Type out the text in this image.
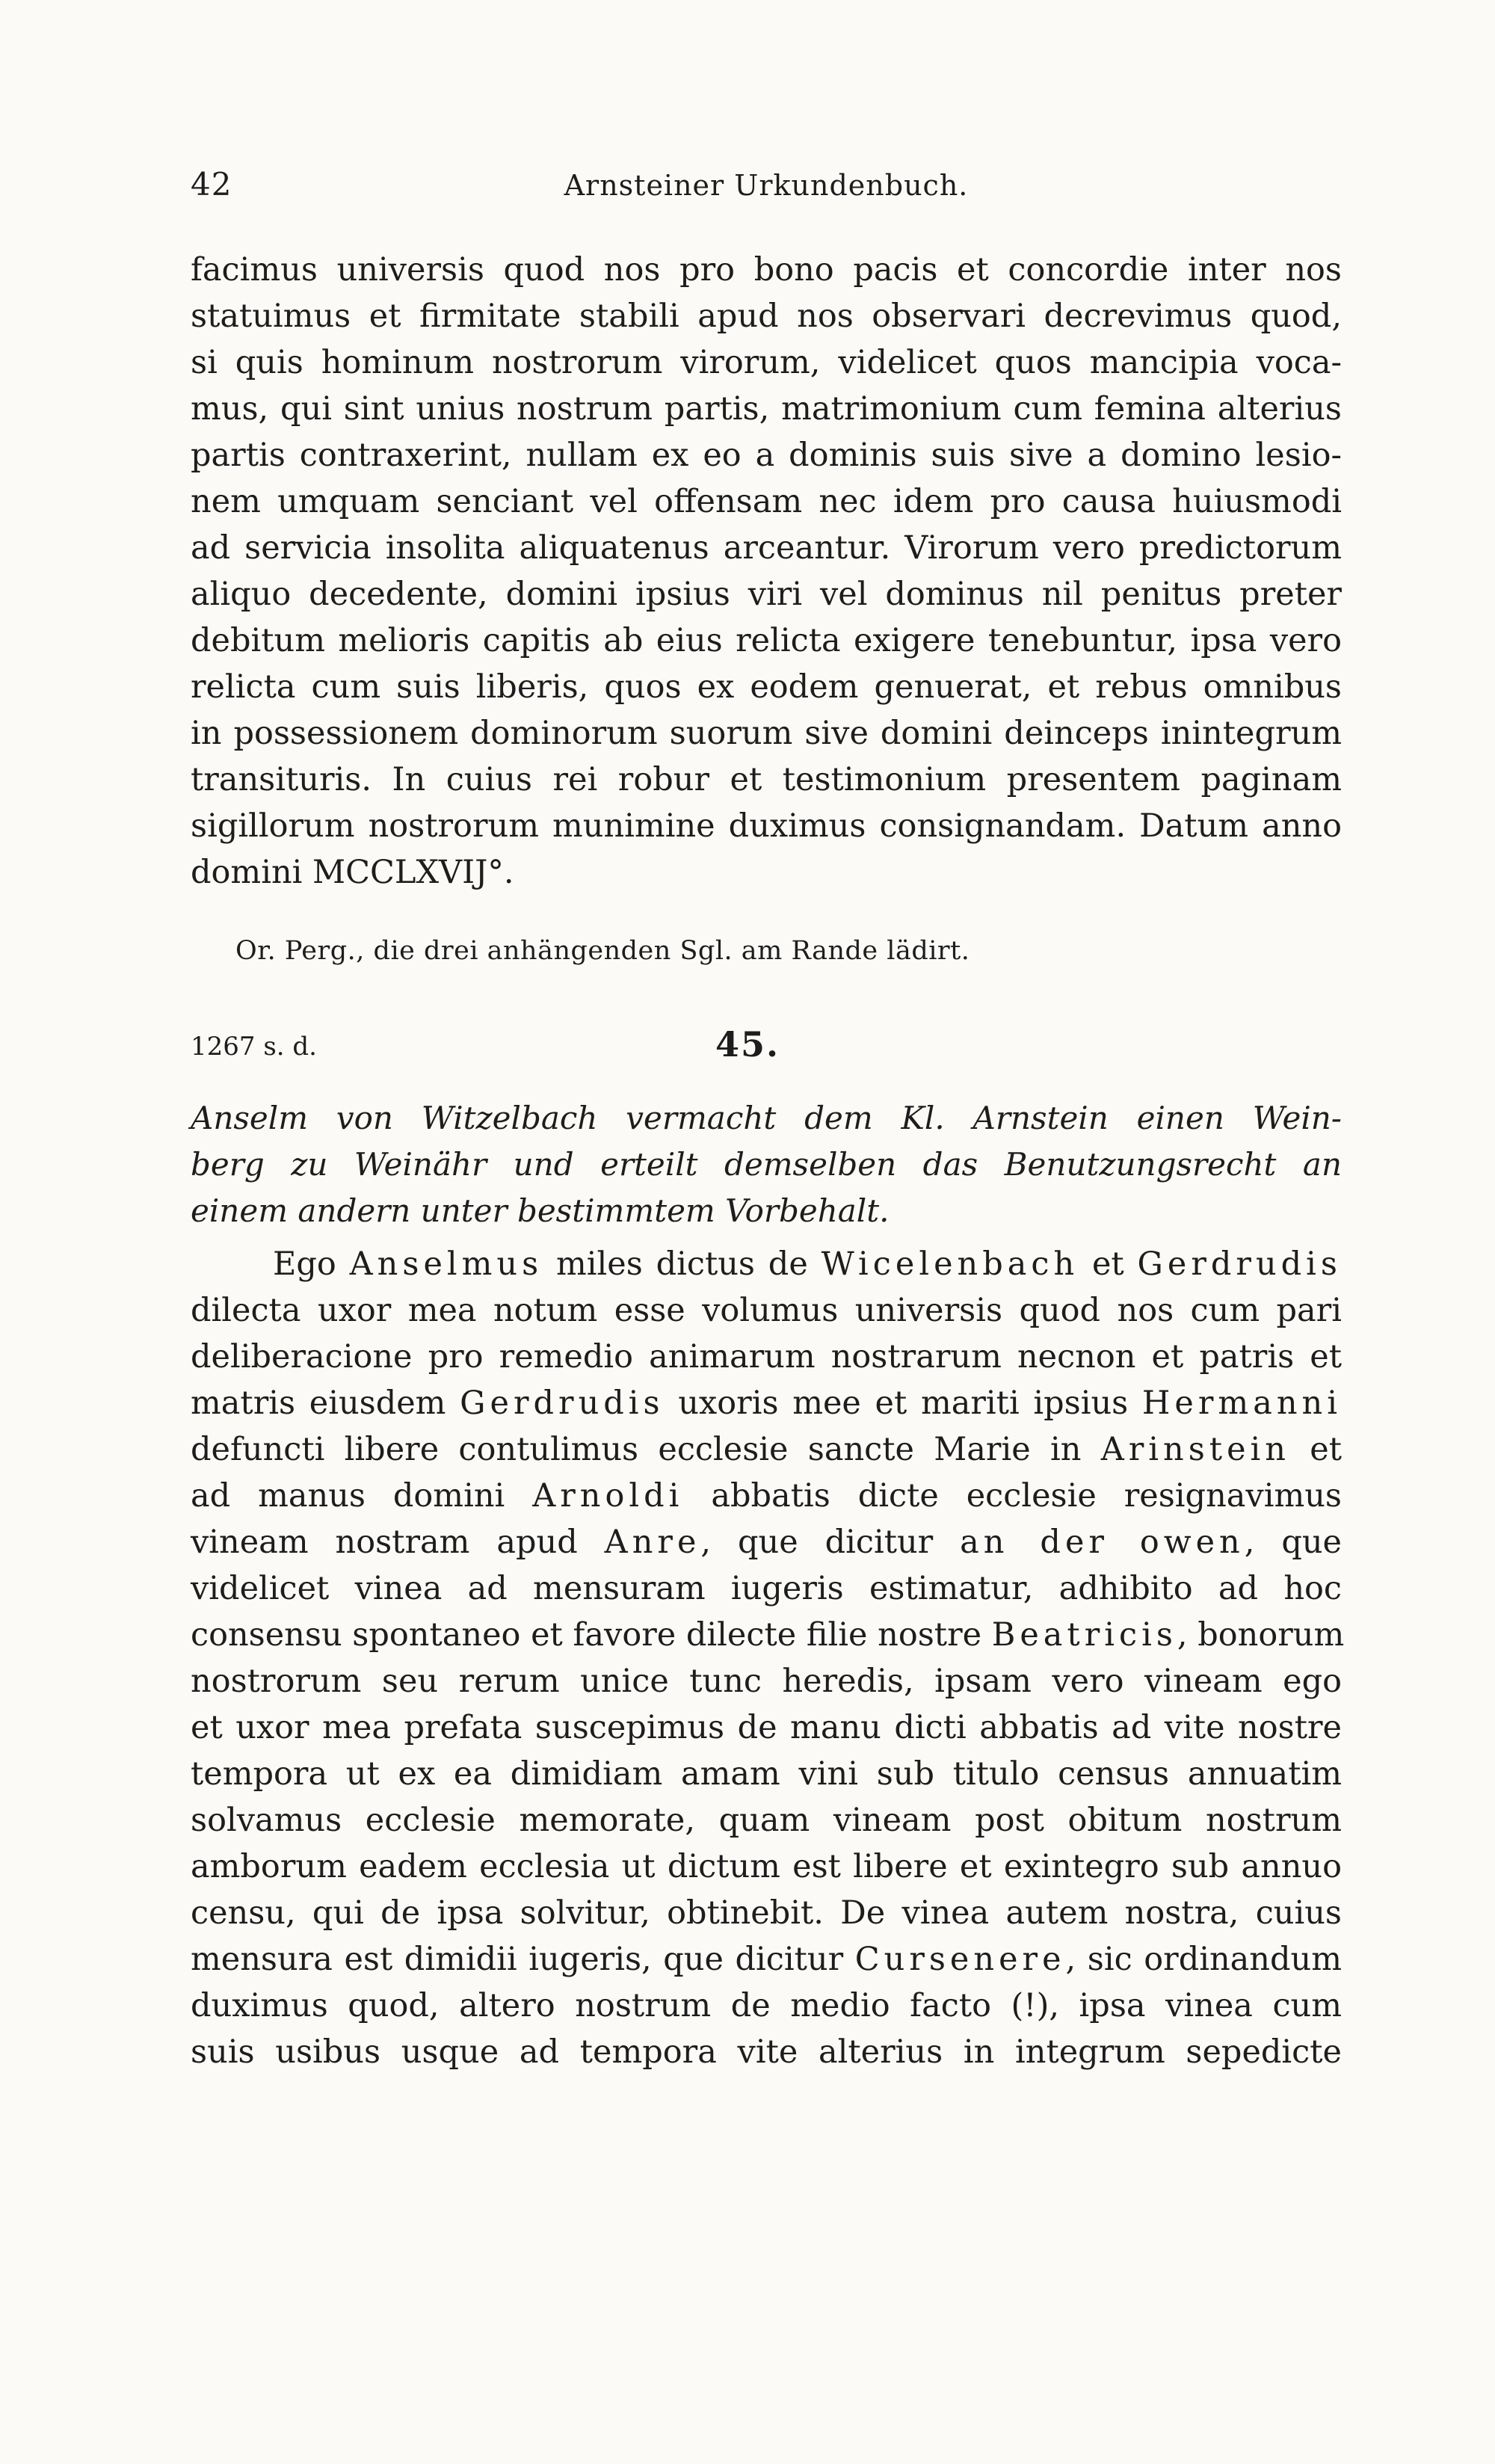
42	Arnsteiner Urkundenbuch.

facimus universis quod nos pro bono pacis et concordie inter nos
statuimus et firmitate stabili apud nos observari decrevimus quod,
si quis hominum nostrorum virorum, videlicet quos mancipia voca-
mus, qui sint unius nostrum partis, matrimonium cum femina alterius
partis contraxerint, nullam ex eo a dominis suis sive a domino lesio-
nem umquam senciant vel offensam nec idem pro causa huiusmodi
ad servicia insolita aliquatenus arceantur. Virorum vero predictorum
aliquo decedente, domini ipsius viri vel dominus nil penitus preter
debitum melioris capitis ab eius relicta exigere tenebuntur, ipsa vero
relicta cum suis liberis, quos ex eodem genuerat, et rebus omnibus
in possessionem dominorum suorum sive domini deinceps inintegrum
transituris. In cuius rei robur et testimonium presentem paginam
sigillorum nostrorum munimine duximus consignandam. Datum anno
domini MCCLXVIJ°.

Or. Perg., die drei anhängenden Sgl. am Rande lädirt.
1267 s. d.	45.
Anselm von Witzelbach vermacht dem Kl. Arnstein einen Wein-
berg zu Weinähr und erteilt demselben das Benutzungsrecht an
einem andern unter bestimmtem Vorbehalt.

Ego Anselmus miles dictus de Wicelenbach et Gerdrudis
dilecta uxor mea notum esse volumus universis quod nos cum pari
deliberacione pro remedio animarum nostrarum necnon et patris et
matris eiusdem Gerdrudis uxoris mee et mariti ipsius Hermanni
defuncti libere contulimus ecclesie sancte Marie in Arinstein et
ad manus domini Arnoldi abbatis dicte ecclesie resignavimus
vineam nostram apud Anre, que dicitur an der owen, que
videlicet vinea ad mensuram iugeris estimatur, adhibito ad hoc
consensu spontaneo et favore dilecte filie nostre Beatricis, bonorum
nostrorum seu rerum unice tunc heredis, ipsam vero vineam ego
et uxor mea prefata suscepimus de manu dicti abbatis ad vite nostre
tempora ut ex ea dimidiam amam vini sub titulo census annuatim
solvamus ecclesie memorate, quam vineam post obitum nostrum
amborum eadem ecclesia ut dictum est libere et exintegro sub annuo
censu, qui de ipsa solvitur, obtinebit. De vinea autem nostra, cuius
mensura est dimidii iugeris, que dicitur Cursenere, sic ordinandum
duximus quod, altero nostrum de medio facto (!), ipsa vinea cum
suis usibus usque ad tempora vite alterius in integrum sepedicte
